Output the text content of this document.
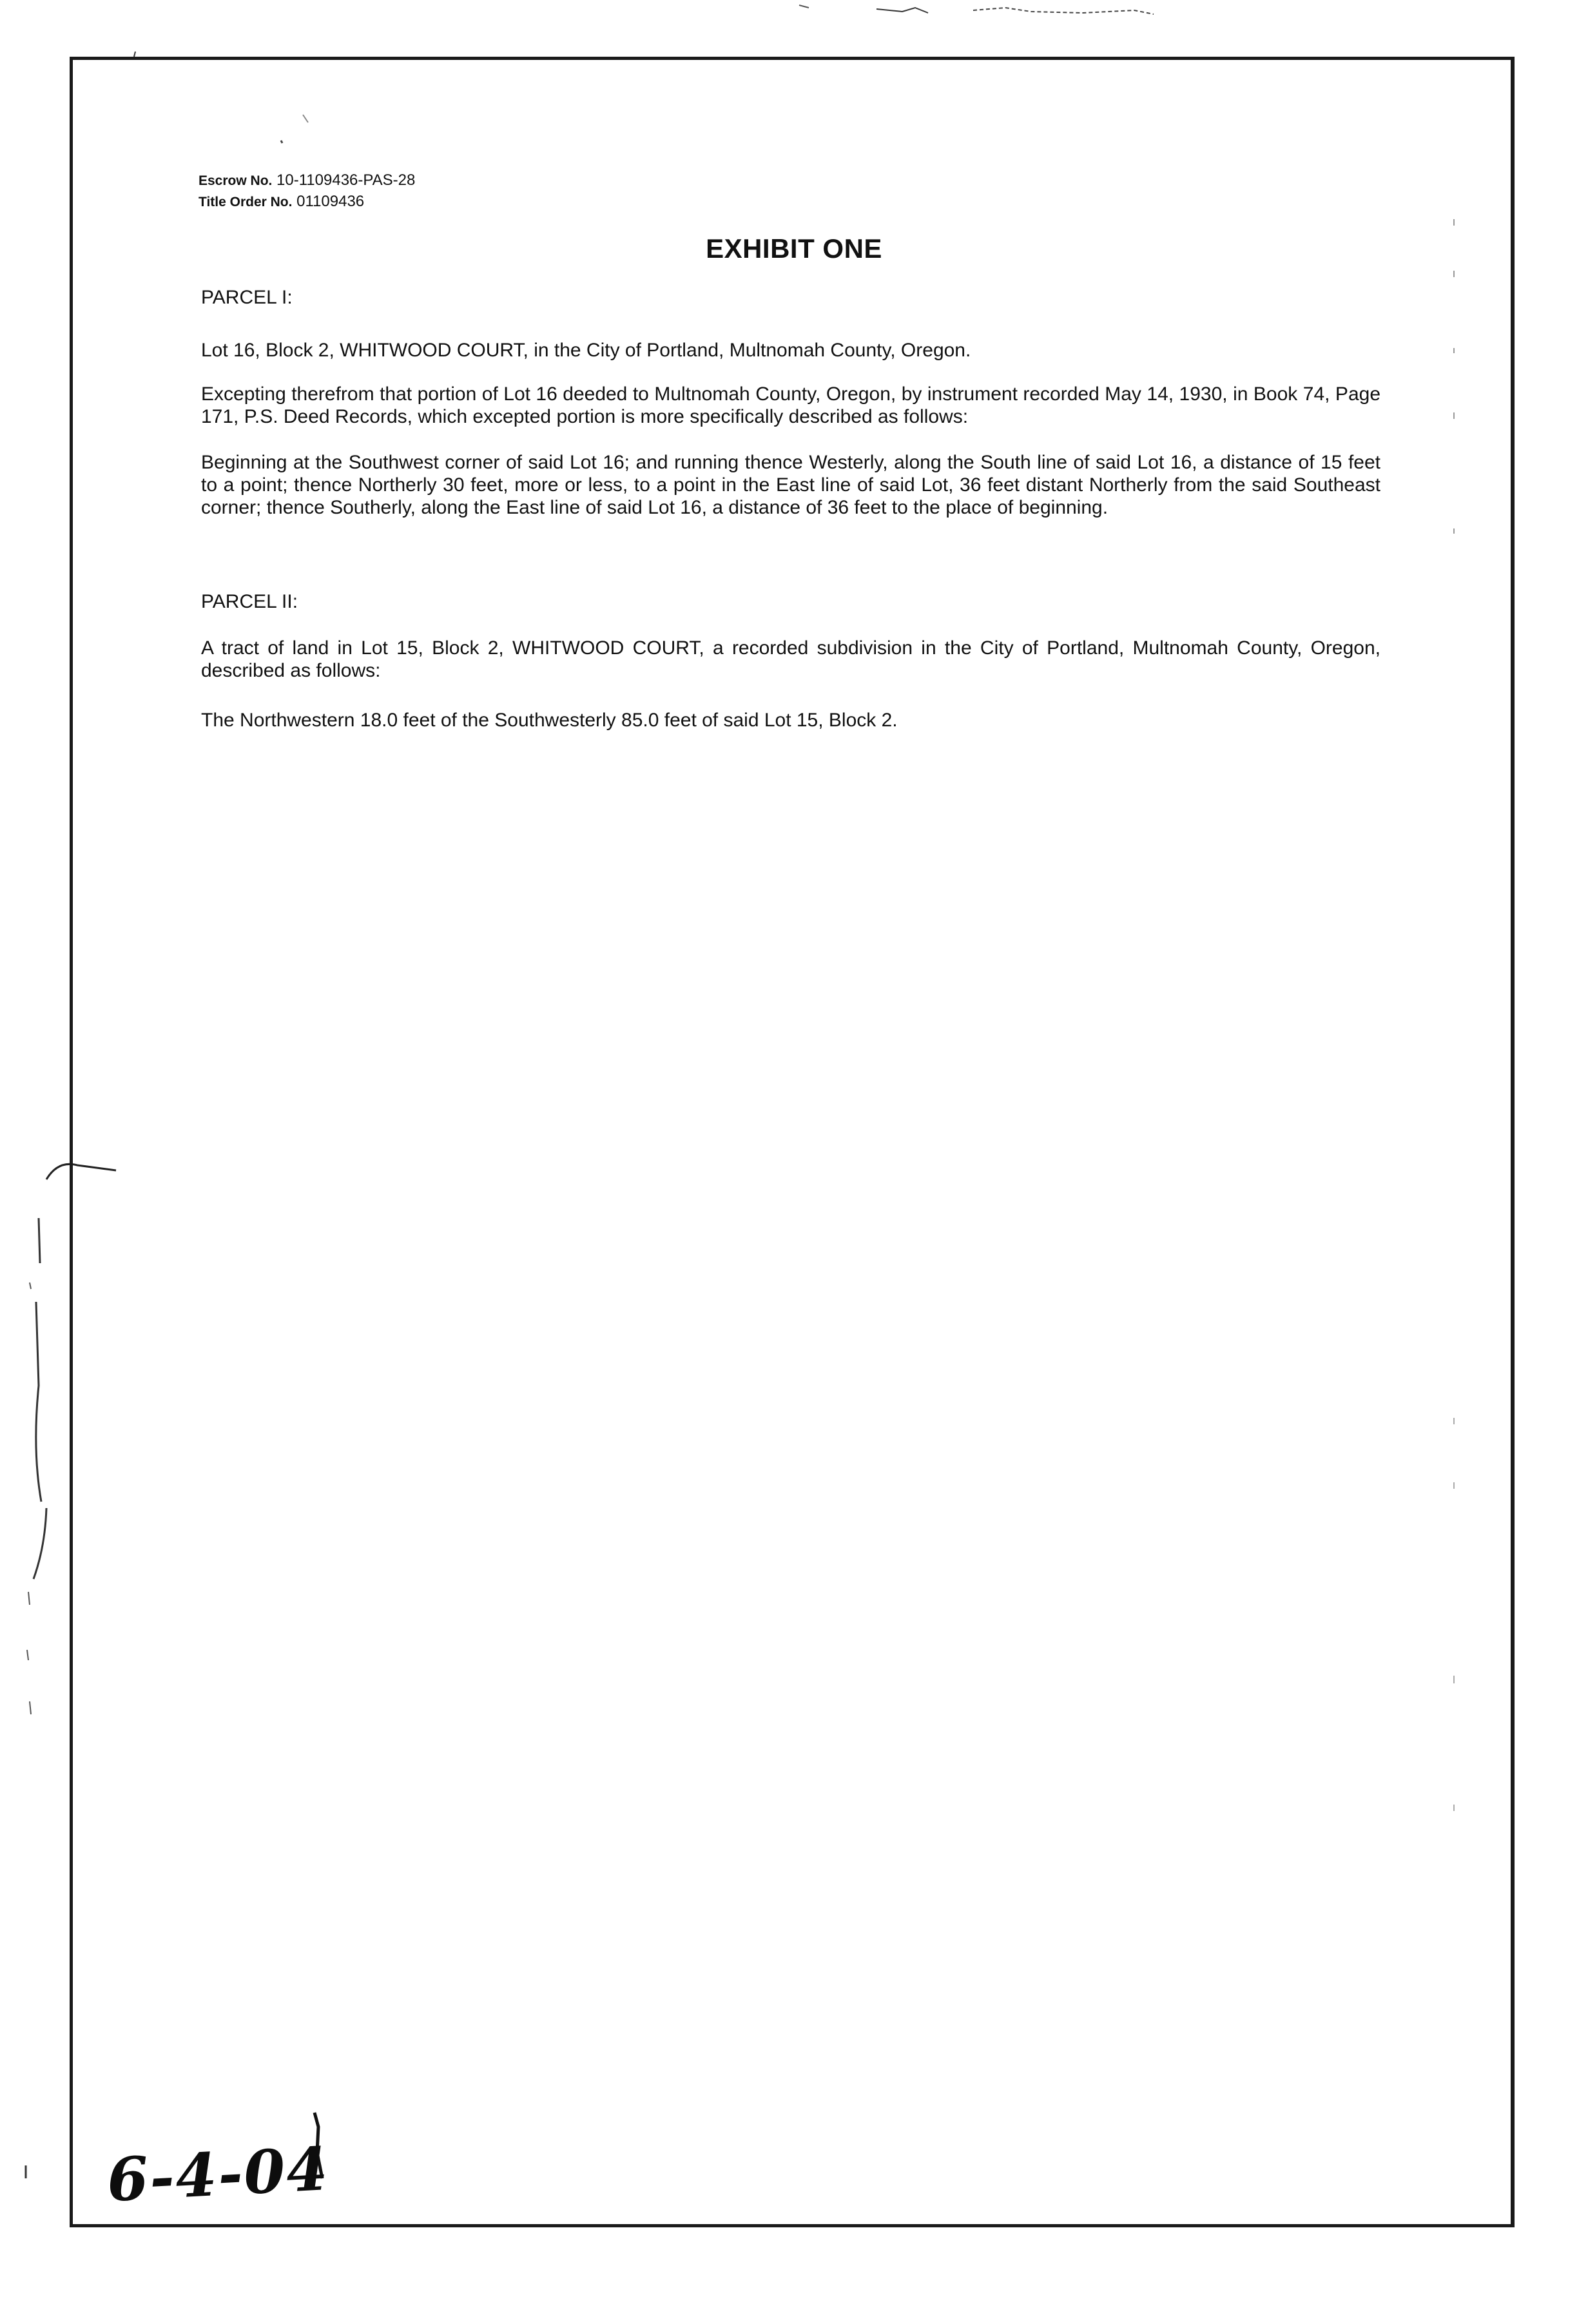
Escrow No. 10-1109436-PAS-28
Title Order No. 01109436
EXHIBIT ONE
PARCEL I:
Lot 16, Block 2, WHITWOOD COURT, in the City of Portland, Multnomah County, Oregon.
Excepting therefrom that portion of Lot 16 deeded to Multnomah County, Oregon, by instrument recorded May 14, 1930, in Book 74, Page 171, P.S. Deed Records, which excepted portion is more specifically described as follows:
Beginning at the Southwest corner of said Lot 16; and running thence Westerly, along the South line of said Lot 16, a distance of 15 feet to a point; thence Northerly 30 feet, more or less, to a point in the East line of said Lot, 36 feet distant Northerly from the said Southeast corner; thence Southerly, along the East line of said Lot 16, a distance of 36 feet to the place of beginning.
PARCEL II:
A tract of land in Lot 15, Block 2, WHITWOOD COURT, a recorded subdivision in the City of Portland, Multnomah County, Oregon, described as follows:
The Northwestern 18.0 feet of the Southwesterly 85.0 feet of said Lot 15, Block 2.
6-4-04
